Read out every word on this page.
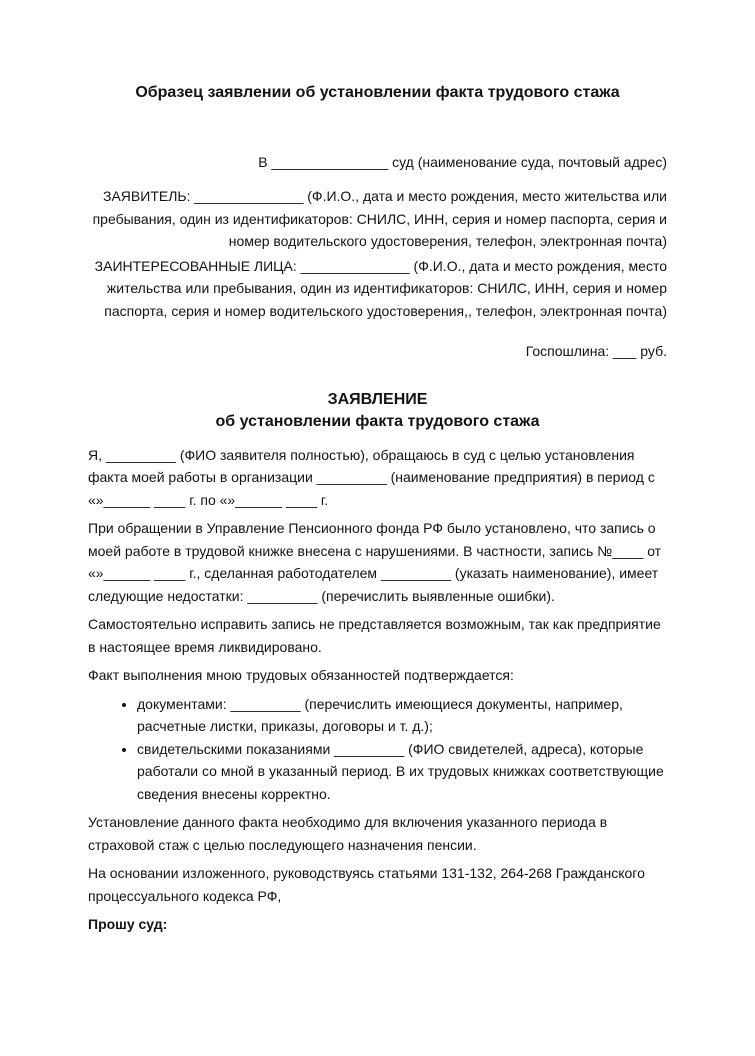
Образец заявлении об установлении факта трудового стажа

В _______________ суд (наименование суда, почтовый адрес)

ЗАЯВИТЕЛЬ: ______________ (Ф.И.О., дата и место рождения, место жительства или пребывания, один из идентификаторов: СНИЛС, ИНН, серия и номер паспорта, серия и номер водительского удостоверения, телефон, электронная почта)

ЗАИНТЕРЕСОВАННЫЕ ЛИЦА: ______________ (Ф.И.О., дата и место рождения, место жительства или пребывания, один из идентификаторов: СНИЛС, ИНН, серия и номер паспорта, серия и номер водительского удостоверения,, телефон, электронная почта)

Госпошлина: ___ руб.

ЗАЯВЛЕНИЕ
об установлении факта трудового стажа

Я, _________ (ФИО заявителя полностью), обращаюсь в суд с целью установления факта моей работы в организации _________ (наименование предприятия) в период с «»______ ____ г. по «»______ ____ г.

При обращении в Управление Пенсионного фонда РФ было установлено, что запись о моей работе в трудовой книжке внесена с нарушениями. В частности, запись №____ от «»______ ____ г., сделанная работодателем _________ (указать наименование), имеет следующие недостатки: _________ (перечислить выявленные ошибки).

Самостоятельно исправить запись не представляется возможным, так как предприятие в настоящее время ликвидировано.

Факт выполнения мною трудовых обязанностей подтверждается:

• документами: _________ (перечислить имеющиеся документы, например, расчетные листки, приказы, договоры и т. д.);
• свидетельскими показаниями _________ (ФИО свидетелей, адреса), которые работали со мной в указанный период. В их трудовых книжках соответствующие сведения внесены корректно.

Установление данного факта необходимо для включения указанного периода в страховой стаж с целью последующего назначения пенсии.

На основании изложенного, руководствуясь статьями 131-132, 264-268 Гражданского процессуального кодекса РФ,

Прошу суд:
